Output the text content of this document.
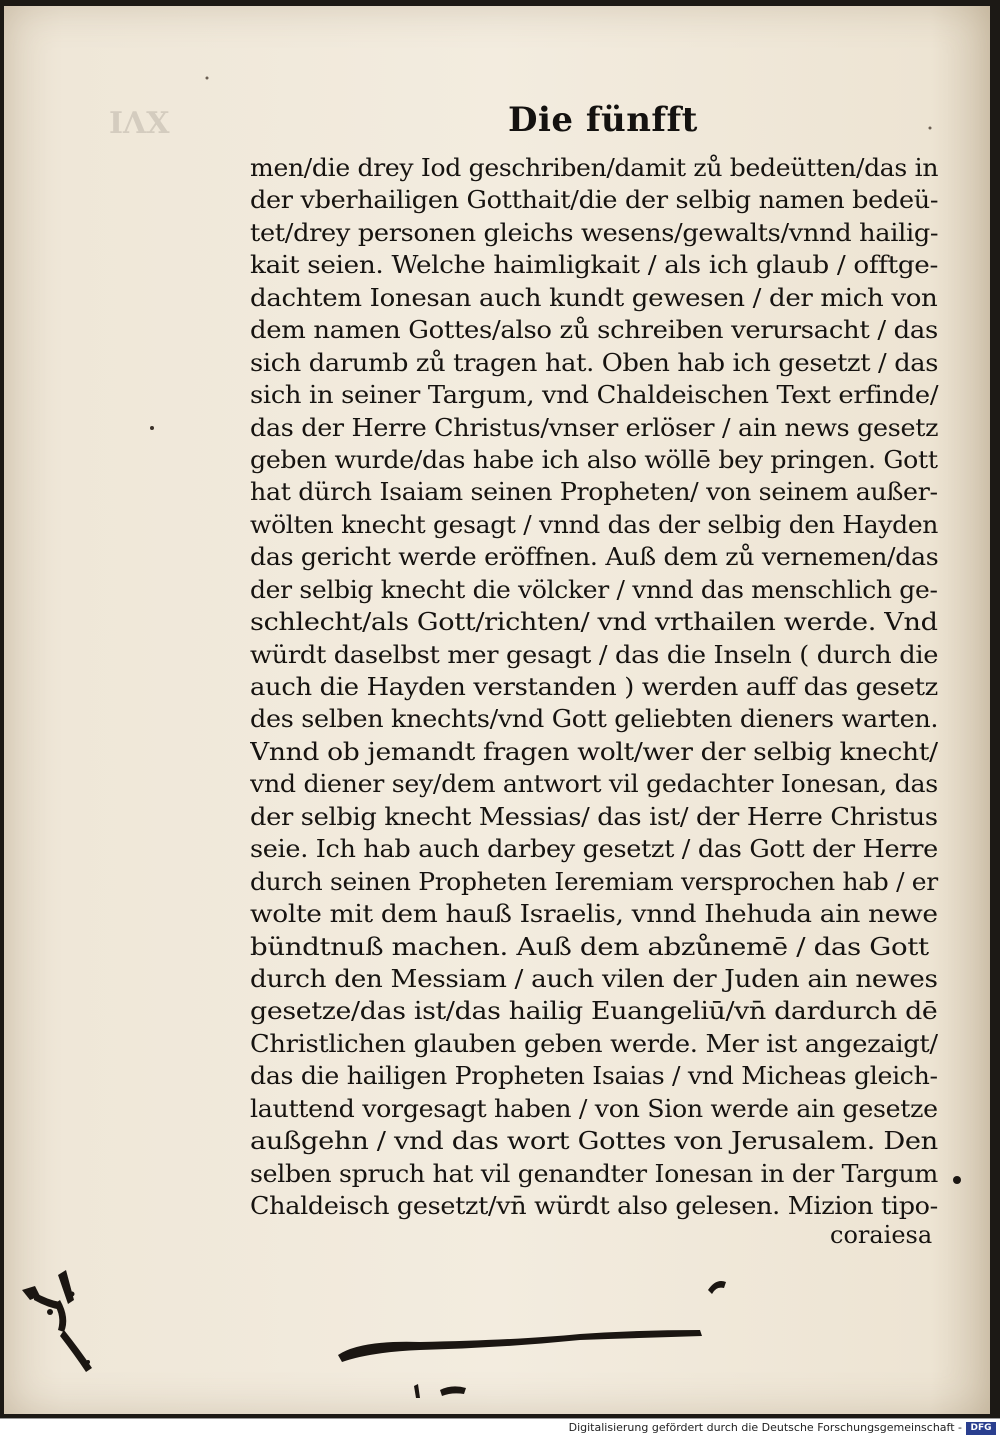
ΙΛΧ	Die fünfft
men/die drey Iod geschriben/damit zů bedeütten/das in
der vberhailigen Gotthait/die der selbig namen bedeü-
tet/drey personen gleichs wesens/gewalts/vnnd hailig-
kait seien. Welche haimligkait / als ich glaub / offtge-
dachtem Ionesan auch kundt gewesen / der mich von
dem namen Gottes/also zů schreiben verursacht / das
sich darumb zů tragen hat. Oben hab ich gesetzt / das
sich in seiner Targum, vnd Chaldeischen Text erfinde/
das der Herre Christus/vnser erlöser / ain news gesetz
geben wurde/das habe ich also wöllē bey pringen. Gott
hat dürch Isaiam seinen Propheten/ von seinem außer-
wölten knecht gesagt / vnnd das der selbig den Hayden
das gericht werde eröffnen. Auß dem zů vernemen/das
der selbig knecht die völcker / vnnd das menschlich ge-
schlecht/als Gott/richten/ vnd vrthailen werde. Vnd
würdt daselbst mer gesagt / das die Inseln ( durch die
auch die Hayden verstanden ) werden auff das gesetz
des selben knechts/vnd Gott geliebten dieners warten.
Vnnd ob jemandt fragen wolt/wer der selbig knecht/
vnd diener sey/dem antwort vil gedachter Ionesan, das
der selbig knecht Messias/ das ist/ der Herre Christus
seie. Ich hab auch darbey gesetzt / das Gott der Herre
durch seinen Propheten Ieremiam versprochen hab / er
wolte mit dem hauß Israelis, vnnd Ihehuda ain newe
bündtnuß machen. Auß dem abzůnemē / das Gott
durch den Messiam / auch vilen der Juden ain newes
gesetze/das ist/das hailig Euangeliū/vn̄ dardurch dē
Christlichen glauben geben werde. Mer ist angezaigt/
das die hailigen Propheten Isaias / vnd Micheas gleich-
lauttend vorgesagt haben / von Sion werde ain gesetze
außgehn / vnd das wort Gottes von Jerusalem. Den
selben spruch hat vil genandter Ionesan in der Targum
Chaldeisch gesetzt/vn̄ würdt also gelesen. Mizion tipo-
coraiesa
Digitalisierung gefördert durch die Deutsche Forschungsgemeinschaft - DFG
